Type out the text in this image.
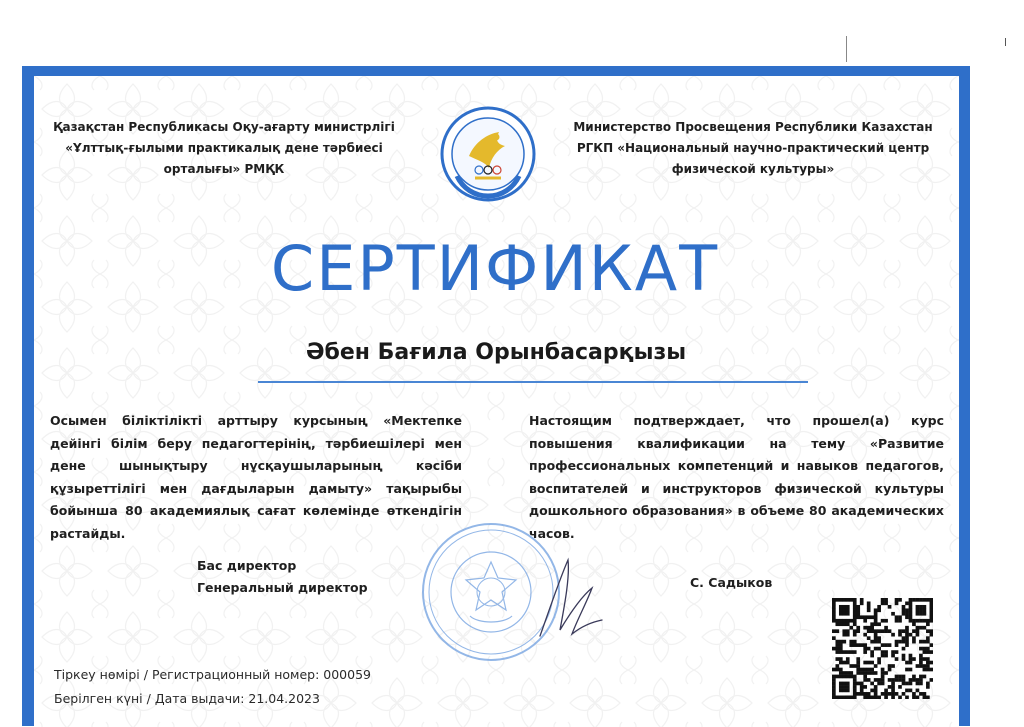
Қазақстан Республикасы Оқу-ағарту министрлігі
«Ұлттық-ғылыми практикалық дене тәрбиесі
орталығы» РМҚК
Министерство Просвещения Республики Казахстан
РГКП «Национальный научно-практический центр
физической культуры»
СЕРТИФИКАТ
Әбен Бағила Орынбасарқызы
Осымен біліктілікті арттыру курсының «Мектепке дейінгі білім беру педагогтерінің, тәрбиешілері мен дене шынықтыру нұсқаушыларының кәсіби құзыреттілігі мен дағдыларын дамыту» тақырыбы бойынша 80 академиялық сағат көлемінде өткендігін растайды.
Настоящим подтверждает, что прошел(а) курс повышения квалификации на тему «Развитие профессиональных компетенций и навыков педагогов, воспитателей и инструкторов физической культуры дошкольного образования» в объеме 80 академических часов.
Бас директор
Генеральный директор	С. Садыков
Тіркеу нөмірі / Регистрационный номер: 000059
Берілген күні / Дата выдачи: 21.04.2023
